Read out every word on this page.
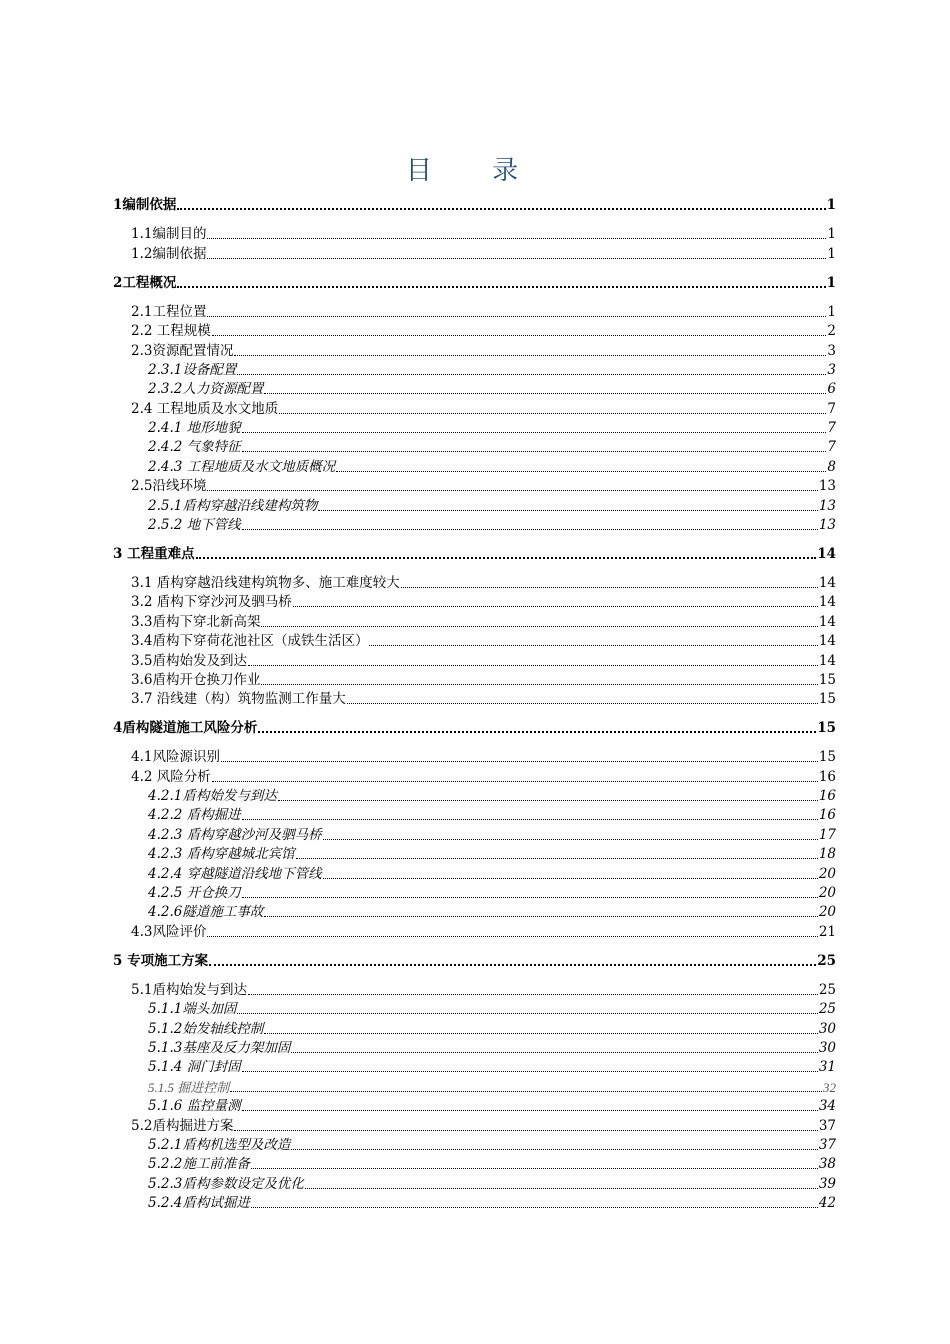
目 录
1编制依据	1
1.1编制目的	1
1.2编制依据	1
2工程概况	1
2.1工程位置	1
2.2 工程规模	2
2.3资源配置情况	3
2.3.1设备配置	3
2.3.2人力资源配置	6
2.4 工程地质及水文地质	7
2.4.1 地形地貌	7
2.4.2 气象特征	7
2.4.3 工程地质及水文地质概况	8
2.5沿线环境	13
2.5.1盾构穿越沿线建构筑物	13
2.5.2 地下管线	13
3 工程重难点	14
3.1 盾构穿越沿线建构筑物多、施工难度较大	14
3.2 盾构下穿沙河及驷马桥	14
3.3盾构下穿北新高架	14
3.4盾构下穿荷花池社区（成铁生活区）	14
3.5盾构始发及到达	14
3.6盾构开仓换刀作业	15
3.7 沿线建（构）筑物监测工作量大	15
4盾构隧道施工风险分析	15
4.1风险源识别	15
4.2 风险分析	16
4.2.1盾构始发与到达	16
4.2.2 盾构掘进	16
4.2.3 盾构穿越沙河及驷马桥	17
4.2.3 盾构穿越城北宾馆	18
4.2.4 穿越隧道沿线地下管线	20
4.2.5 开仓换刀	20
4.2.6隧道施工事故	20
4.3风险评价	21
5 专项施工方案	25
5.1盾构始发与到达	25
5.1.1端头加固	25
5.1.2始发轴线控制	30
5.1.3基座及反力架加固	30
5.1.4 洞门封固	31
5.1.5 掘进控制	32
5.1.6 监控量测	34
5.2盾构掘进方案	37
5.2.1盾构机选型及改造	37
5.2.2施工前准备	38
5.2.3盾构参数设定及优化	39
5.2.4盾构试掘进	42
